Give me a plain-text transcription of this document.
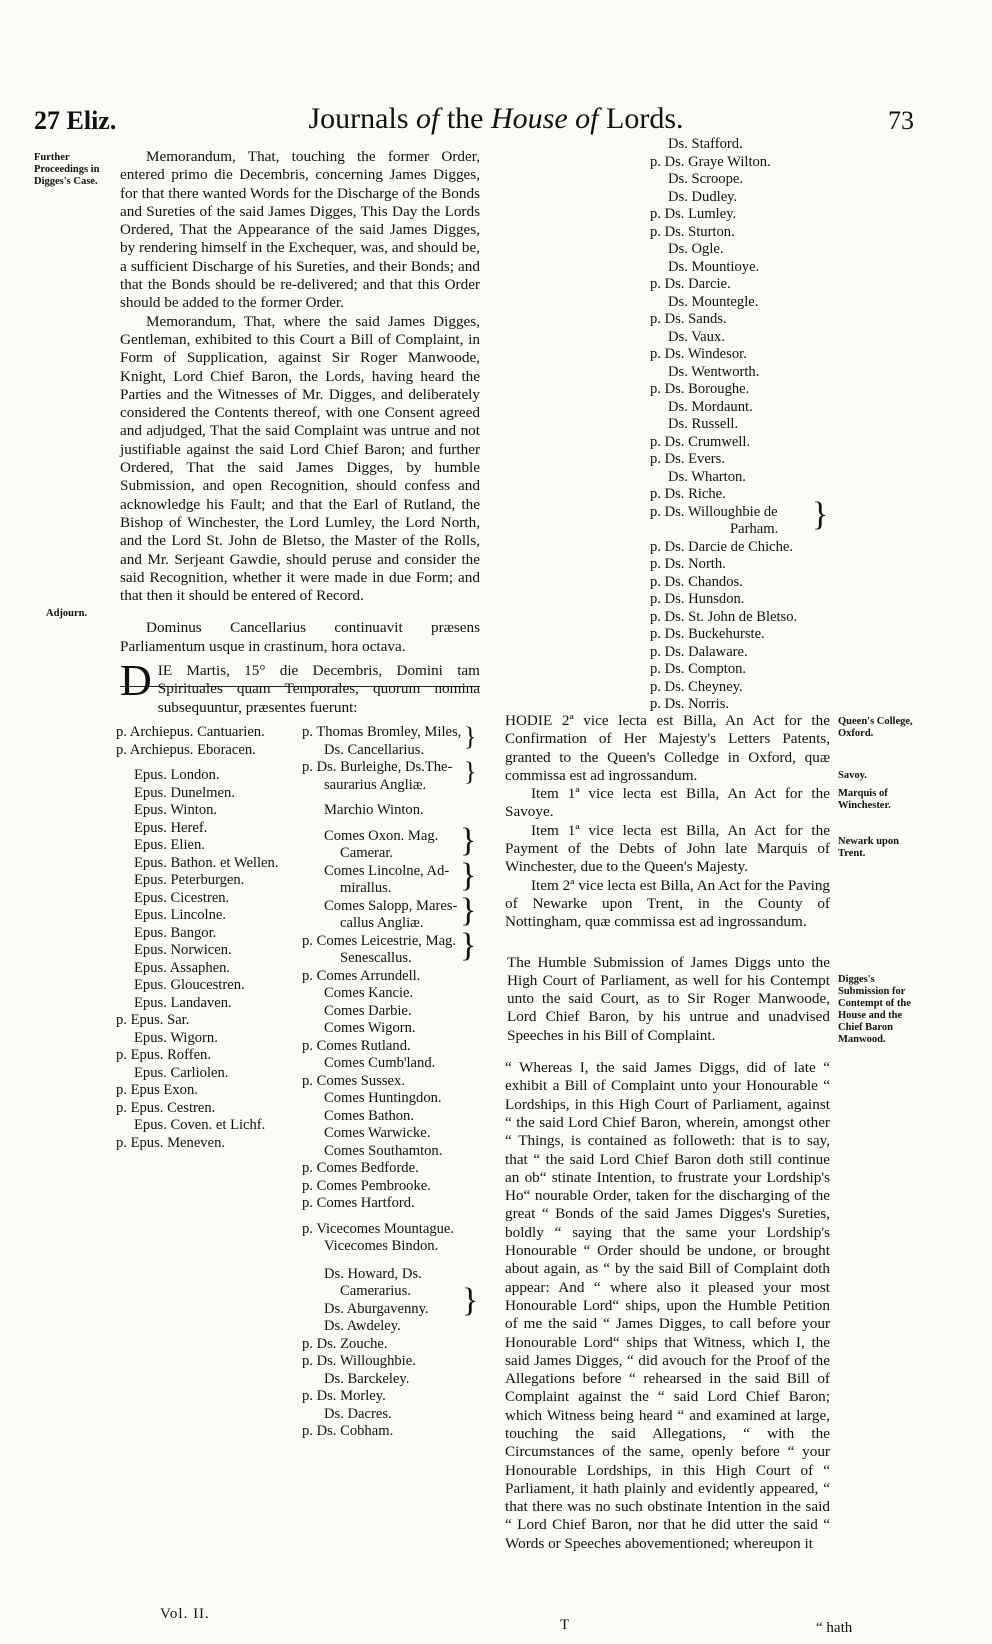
27 Eliz.	Journals of the House of Lords.	73
Further Proceedings in Digges's Case.
Adjourn.

Memorandum, That, touching the former Order, entered primo die Decembris, concerning James Digges, for that there wanted Words for the Discharge of the Bonds and Sureties of the said James Digges, This Day the Lords Ordered, That the Appearance of the said James Digges, by rendering himself in the Exchequer, was, and should be, a sufficient Discharge of his Sureties, and their Bonds; and that the Bonds should be re-delivered; and that this Order should be added to the former Order.

Memorandum, That, where the said James Digges, Gentleman, exhibited to this Court a Bill of Complaint, in Form of Supplication, against Sir Roger Manwoode, Knight, Lord Chief Baron, the Lords, having heard the Parties and the Witnesses of Mr. Digges, and deliberately considered the Contents thereof, with one Consent agreed and adjudged, That the said Complaint was untrue and not justifiable against the said Lord Chief Baron; and further Ordered, That the said James Digges, by humble Submission, and open Recognition, should confess and acknowledge his Fault; and that the Earl of Rutland, the Bishop of Winchester, the Lord Lumley, the Lord North, and the Lord St. John de Bletso, the Master of the Rolls, and Mr. Serjeant Gawdie, should peruse and consider the said Recognition, whether it were made in due Form; and that then it should be entered of Record.

Dominus Cancellarius continuavit præsens Parliamentum usque in crastinum, hora octava.

D IE Martis, 15° die Decembris, Domini tam Spirituales quam Temporales, quorum nomina subsequuntur, præsentes fuerunt:
p. Archiepus. Cantuarien.
p. Archiepus. Eboracen.
Epus. London.
Epus. Dunelmen.
Epus. Winton.
Epus. Heref.
Epus. Elien.
Epus. Bathon. et Wellen.
Epus. Peterburgen.
Epus. Cicestren.
Epus. Lincolne.
Epus. Bangor.
Epus. Norwicen.
Epus. Assaphen.
Epus. Gloucestren.
Epus. Landaven.
p. Epus. Sar.
Epus. Wigorn.
p. Epus. Roffen.
Epus. Carliolen.
p. Epus Exon.
p. Epus. Cestren.
Epus. Coven. et Lichf.
p. Epus. Meneven.
p. Thomas Bromley, Miles,
Ds. Cancellarius.
p. Ds. Burleighe, Ds.The-
saurarius Angliæ.
Marchio Winton.
Comes Oxon. Mag.
Camerar.
Comes Lincolne, Ad-
mirallus.
Comes Salopp, Mares-
callus Angliæ.
p. Comes Leicestrie, Mag.
Senescallus.
p. Comes Arrundell.
Comes Kancie.
Comes Darbie.
Comes Wigorn.
p. Comes Rutland.
Comes Cumb'land.
p. Comes Sussex.
Comes Huntingdon.
Comes Bathon.
Comes Warwicke.
Comes Southamton.
p. Comes Bedforde.
p. Comes Pembrooke.
p. Comes Hartford.
p. Vicecomes Mountague.
Vicecomes Bindon.
Ds. Howard, Ds.
Camerarius.
Ds. Aburgavenny.
Ds. Awdeley.
p. Ds. Zouche.
p. Ds. Willoughbie.
Ds. Barckeley.
p. Ds. Morley.
Ds. Dacres.
p. Ds. Cobham.
}
}
}
}
}
}
}
Ds. Stafford.
p. Ds. Graye Wilton.
Ds. Scroope.
Ds. Dudley.
p. Ds. Lumley.
p. Ds. Sturton.
Ds. Ogle.
Ds. Mountioye.
p. Ds. Darcie.
Ds. Mountegle.
p. Ds. Sands.
Ds. Vaux.
p. Ds. Windesor.
Ds. Wentworth.
p. Ds. Boroughe.
Ds. Mordaunt.
Ds. Russell.
p. Ds. Crumwell.
p. Ds. Evers.
Ds. Wharton.
p. Ds. Riche.
p. Ds. Willoughbie de
Parham.
p. Ds. Darcie de Chiche.
p. Ds. North.
p. Ds. Chandos.
p. Ds. Hunsdon.
p. Ds. St. John de Bletso.
p. Ds. Buckehurste.
p. Ds. Dalaware.
p. Ds. Compton.
p. Ds. Cheyney.
p. Ds. Norris.
}

HODIE 2ª vice lecta est Billa, An Act for the Confirmation of Her Majesty's Letters Patents, granted to the Queen's Colledge in Oxford, quæ commissa est ad ingrossandum.

Item 1ª vice lecta est Billa, An Act for the Savoye.

Item 1ª vice lecta est Billa, An Act for the Payment of the Debts of John late Marquis of Winchester, due to the Queen's Majesty.

Item 2ª vice lecta est Billa, An Act for the Paving of Newarke upon Trent, in the County of Nottingham, quæ commissa est ad ingrossandum.

The Humble Submission of James Diggs unto the High Court of Parliament, as well for his Contempt unto the said Court, as to Sir Roger Manwoode, Lord Chief Baron, by his untrue and unadvised Speeches in his Bill of Complaint.

“ Whereas I, the said James Diggs, did of late “ exhibit a Bill of Complaint unto your Honourable “ Lordships, in this High Court of Parliament, against “ the said Lord Chief Baron, wherein, amongst other “ Things, is contained as followeth: that is to say, that “ the said Lord Chief Baron doth still continue an ob“ stinate Intention, to frustrate your Lordship's Ho“ nourable Order, taken for the discharging of the great “ Bonds of the said James Digges's Sureties, boldly “ saying that the same your Lordship's Honourable “ Order should be undone, or brought about again, as “ by the said Bill of Complaint doth appear: And “ where also it pleased your most Honourable Lord“ ships, upon the Humble Petition of me the said “ James Digges, to call before your Honourable Lord“ ships that Witness, which I, the said James Digges, “ did avouch for the Proof of the Allegations before “ rehearsed in the said Bill of Complaint against the “ said Lord Chief Baron; which Witness being heard “ and examined at large, touching the said Allegations, “ with the Circumstances of the same, openly before “ your Honourable Lordships, in this High Court of “ Parliament, it hath plainly and evidently appeared, “ that there was no such obstinate Intention in the said “ Lord Chief Baron, nor that he did utter the said “ Words or Speeches abovementioned; whereupon it

Queen's College, Oxford.
Savoy.
Marquis of Winchester.
Newark upon Trent.
Digges's Submission for Contempt of the House and the Chief Baron Manwood.
Vol. II.
T	“ hath
